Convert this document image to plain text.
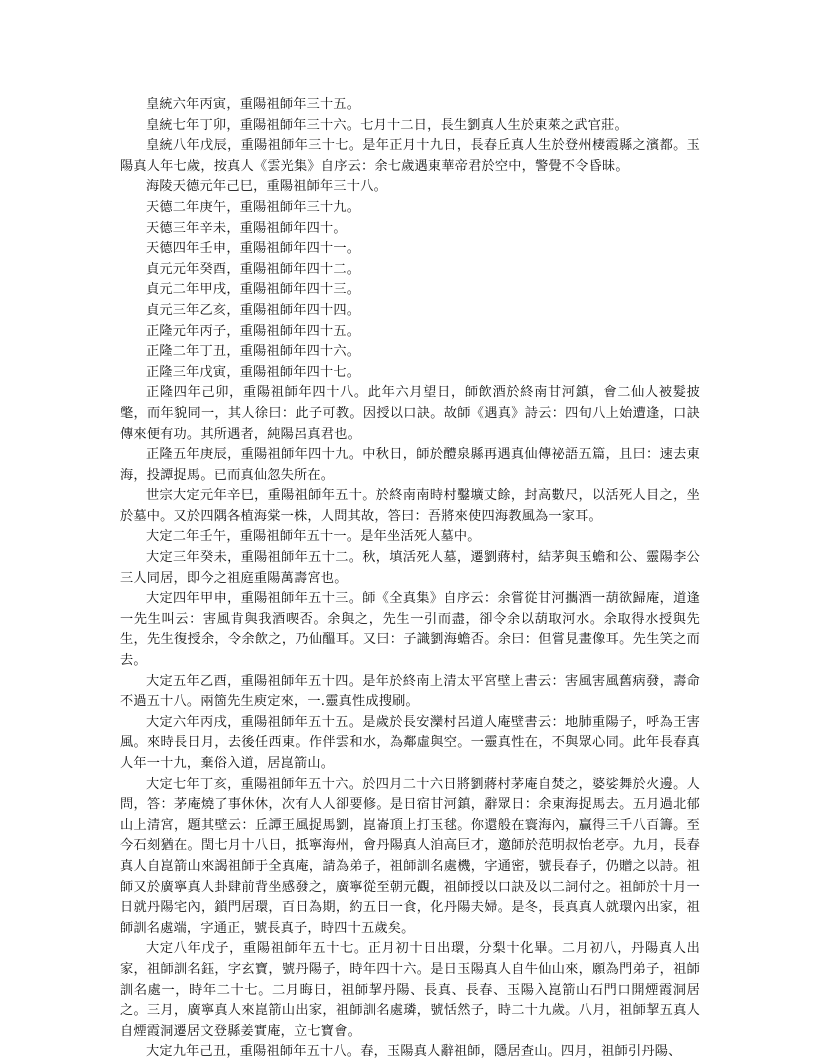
皇統六年丙寅，重陽祖師年三十五。

皇統七年丁卯，重陽祖師年三十六。七月十二日，長生劉真人生於東萊之武官莊。

皇統八年戊辰，重陽祖師年三十七。是年正月十九日，長春丘真人生於登州棲霞縣之濱都。玉陽真人年七歲，按真人《雲光集》自序云：余七歲遇東華帝君於空中，警覺不令昏昧。

海陵天德元年己巳，重陽祖師年三十八。

天德二年庚午，重陽祖師年三十九。

天德三年辛未，重陽祖師年四十。

天德四年壬申，重陽祖師年四十一。

貞元元年癸酉，重陽祖師年四十二。

貞元二年甲戌，重陽祖師年四十三。

貞元三年乙亥，重陽祖師年四十四。

正隆元年丙子，重陽祖師年四十五。

正隆二年丁丑，重陽祖師年四十六。

正隆三年戊寅，重陽祖師年四十七。

正隆四年己卯，重陽祖師年四十八。此年六月望日，師飲酒於終南甘河鎮，會二仙人被髮披氅，而年貌同一，其人徐曰：此子可教。因授以口訣。故師《遇真》詩云：四旬八上始遭逢，口訣傳來便有功。其所遇者，純陽呂真君也。

正隆五年庚辰，重陽祖師年四十九。中秋日，師於醴泉縣再遇真仙傳祕語五篇，且曰：速去東海，投譚捉馬。已而真仙忽失所在。

世宗大定元年辛巳，重陽祖師年五十。於終南南時村鑿壙丈餘，封高數尺，以活死人目之，坐於墓中。又於四隅各植海棠一株，人問其故，答曰：吾將來使四海教風為一家耳。

大定二年壬午，重陽祖師年五十一。是年坐活死人墓中。

大定三年癸未，重陽祖師年五十二。秋，填活死人墓，遷劉蔣村，結茅與玉蟾和公、靈陽李公三人同居，即今之祖庭重陽萬壽宮也。

大定四年甲申，重陽祖師年五十三。師《全真集》自序云：余嘗從甘河攜酒一葫欲歸庵，道逢一先生叫云：害風肯與我酒喫否。余與之，先生一引而盡，卻令余以葫取河水。余取得水授與先生，先生復授余，令余飲之，乃仙醞耳。又曰：子識劉海蟾否。余曰：但嘗見畫像耳。先生笑之而去。

大定五年乙酉，重陽祖師年五十四。是年於終南上清太平宮壁上書云：害風害風舊病發，壽命不過五十八。兩箇先生庾定來，一.靈真性成搜刷。

大定六年丙戌，重陽祖師年五十五。是歲於長安灤村呂道人庵壁書云：地肺重陽子，呼為王害風。來時長日月，去後任西東。作伴雲和水，為鄰虛與空。一靈真性在，不與眾心同。此年長春真人年一十九，棄俗入道，居崑箭山。

大定七年丁亥，重陽祖師年五十六。於四月二十六日將劉蔣村茅庵自焚之，婆娑舞於火邊。人問，答：茅庵燒了事休休，次有人人卻要修。是日宿甘河鎮，辭眾日：余東海捉馬去。五月過北郁山上清宮，題其壁云：丘譚王風捉馬劉，崑崙頂上打玉毬。你還般在寰海內，贏得三千八百籌。至今石刻猶在。閏七月十八日，抵寧海州，會丹陽真人洎高巨才，邀師於范明叔怡老亭。九月，長春真人自崑箭山來謁祖師于全真庵，請為弟子，祖師訓名處機，字通密，號長春子，仍贈之以詩。祖師又於廣寧真人卦肆前背坐感發之，廣寧從至朝元觀，祖師授以口訣及以二詞付之。祖師於十月一日就丹陽宅內，鎖門居環，百日為期，約五日一食，化丹陽夫婦。是冬，長真真人就環內出家，祖師訓名處端，字通正，號長真子，時四十五歲矣。

大定八年戊子，重陽祖師年五十七。正月初十日出環，分梨十化畢。二月初八，丹陽真人出家，祖師訓名鈺，字玄寶，號丹陽子，時年四十六。是日玉陽真人自牛仙山來，願為門弟子，祖師訓名處一，時年二十七。二月晦日，祖師挈丹陽、長真、長春、玉陽入崑箭山石門口開煙霞洞居之。三月，廣寧真人來崑箭山出家，祖師訓名處璘，號恬然子，時二十九歲。八月，祖師挈五真人自煙霞洞遷居文登縣姜實庵，立七寶會。

大定九年己丑，重陽祖師年五十八。春，玉陽真人辭祖師，隱居查山。四月，祖師引丹陽、
